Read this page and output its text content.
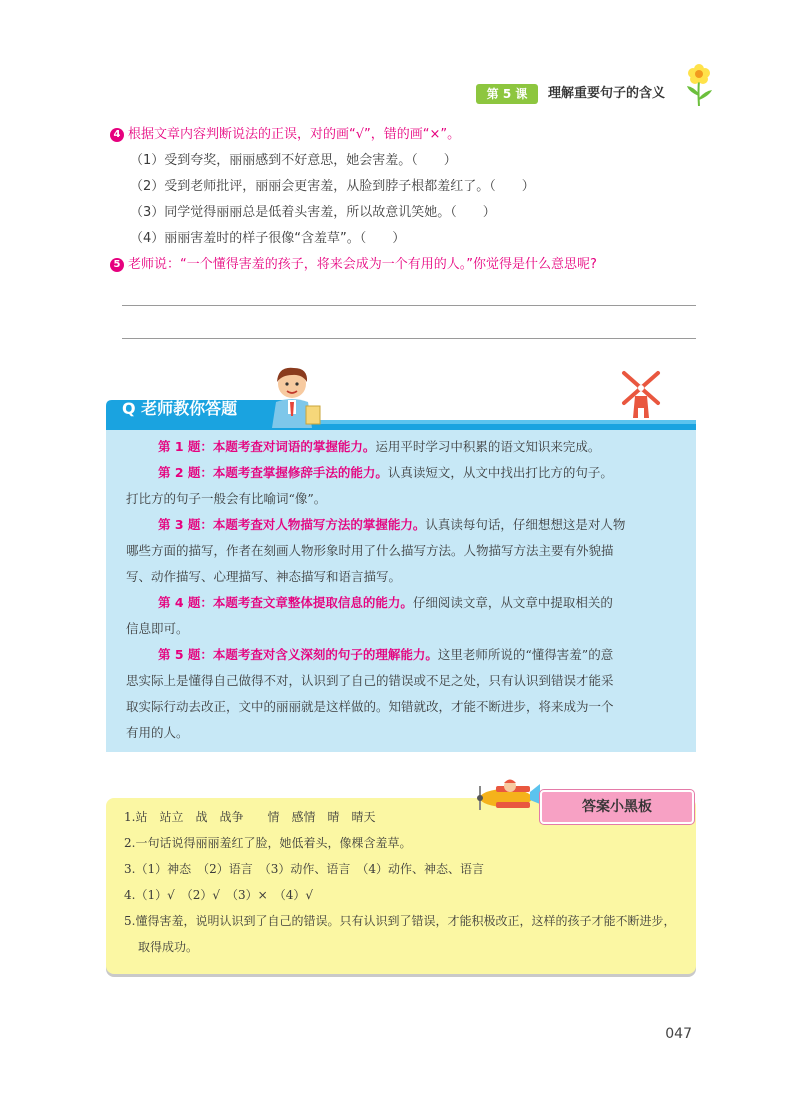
第 5 课	理解重要句子的含义
4 根据文章内容判断说法的正误，对的画“√”，错的画“×”。
（1）受到夸奖，丽丽感到不好意思，她会害羞。（　　）
（2）受到老师批评，丽丽会更害羞，从脸到脖子根都羞红了。（　　）
（3）同学觉得丽丽总是低着头害羞，所以故意讥笑她。（　　）
（4）丽丽害羞时的样子很像“含羞草”。（　　）
5 老师说：“一个懂得害羞的孩子，将来会成为一个有用的人。”你觉得是什么意思呢?
Q 老师教你答题
第 1 题：本题考查对词语的掌握能力。运用平时学习中积累的语文知识来完成。
第 2 题：本题考查掌握修辞手法的能力。认真读短文，从文中找出打比方的句子。
打比方的句子一般会有比喻词“像”。
第 3 题：本题考查对人物描写方法的掌握能力。认真读每句话，仔细想想这是对人物
哪些方面的描写，作者在刻画人物形象时用了什么描写方法。人物描写方法主要有外貌描
写、动作描写、心理描写、神态描写和语言描写。
第 4 题：本题考查文章整体提取信息的能力。仔细阅读文章，从文章中提取相关的
信息即可。
第 5 题：本题考查对含义深刻的句子的理解能力。这里老师所说的“懂得害羞”的意
思实际上是懂得自己做得不对，认识到了自己的错误或不足之处，只有认识到错误才能采
取实际行动去改正，文中的丽丽就是这样做的。知错就改，才能不断进步，将来成为一个
有用的人。
答案小黑板
1.站　站立　战　战争　　情　感情　晴　晴天
2.一句话说得丽丽羞红了脸，她低着头，像棵含羞草。
3.（1）神态　（2）语言　（3）动作、语言　（4）动作、神态、语言
4.（1）√　（2）√　（3）×　（4）√
5.懂得害羞，说明认识到了自己的错误。只有认识到了错误，才能积极改正，这样的孩子才能不断进步，
取得成功。
047
